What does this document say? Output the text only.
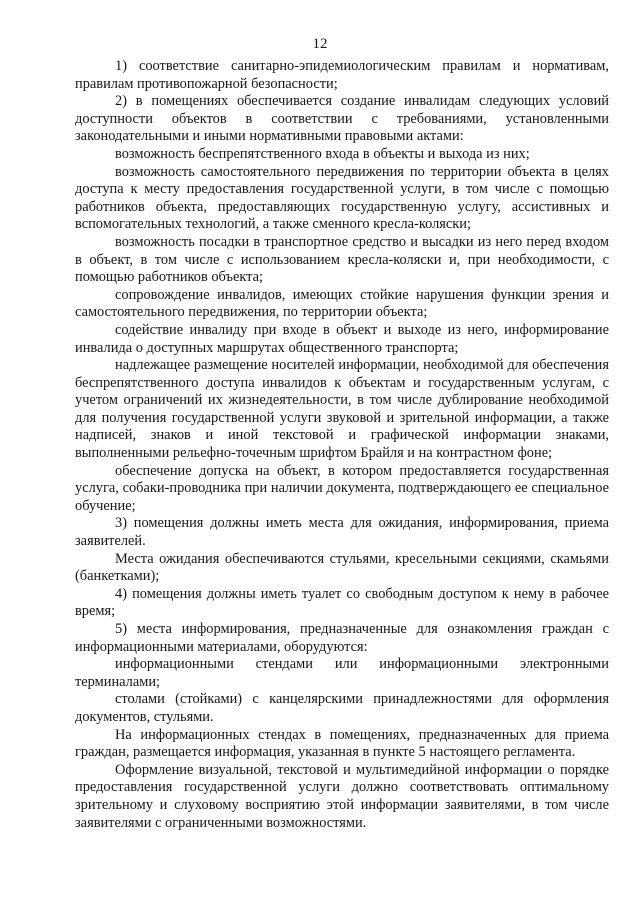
12

1) соответствие санитарно-эпидемиологическим правилам и нормативам, правилам противопожарной безопасности;

2) в помещениях обеспечивается создание инвалидам следующих условий доступности объектов в соответствии с требованиями, установленными законодательными и иными нормативными правовыми актами:

возможность беспрепятственного входа в объекты и выхода из них;

возможность самостоятельного передвижения по территории объекта в целях доступа к месту предоставления государственной услуги, в том числе с помощью работников объекта, предоставляющих государственную услугу, ассистивных и вспомогательных технологий, а также сменного кресла-коляски;

возможность посадки в транспортное средство и высадки из него перед входом в объект, в том числе с использованием кресла-коляски и, при необходимости, с помощью работников объекта;

сопровождение инвалидов, имеющих стойкие нарушения функции зрения и самостоятельного передвижения, по территории объекта;

содействие инвалиду при входе в объект и выходе из него, информирование инвалида о доступных маршрутах общественного транспорта;

надлежащее размещение носителей информации, необходимой для обеспечения беспрепятственного доступа инвалидов к объектам и государственным услугам, с учетом ограничений их жизнедеятельности, в том числе дублирование необходимой для получения государственной услуги звуковой и зрительной информации, а также надписей, знаков и иной текстовой и графической информации знаками, выполненными рельефно-точечным шрифтом Брайля и на контрастном фоне;

обеспечение допуска на объект, в котором предоставляется государственная услуга, собаки-проводника при наличии документа, подтверждающего ее специальное обучение;

3) помещения должны иметь места для ожидания, информирования, приема заявителей.

Места ожидания обеспечиваются стульями, кресельными секциями, скамьями (банкетками);

4) помещения должны иметь туалет со свободным доступом к нему в рабочее время;

5) места информирования, предназначенные для ознакомления граждан с информационными материалами, оборудуются:

информационными стендами или информационными электронными терминалами;

столами (стойками) с канцелярскими принадлежностями для оформления документов, стульями.

На информационных стендах в помещениях, предназначенных для приема граждан, размещается информация, указанная в пункте 5 настоящего регламента.

Оформление визуальной, текстовой и мультимедийной информации о порядке предоставления государственной услуги должно соответствовать оптимальному зрительному и слуховому восприятию этой информации заявителями, в том числе заявителями с ограниченными возможностями.
